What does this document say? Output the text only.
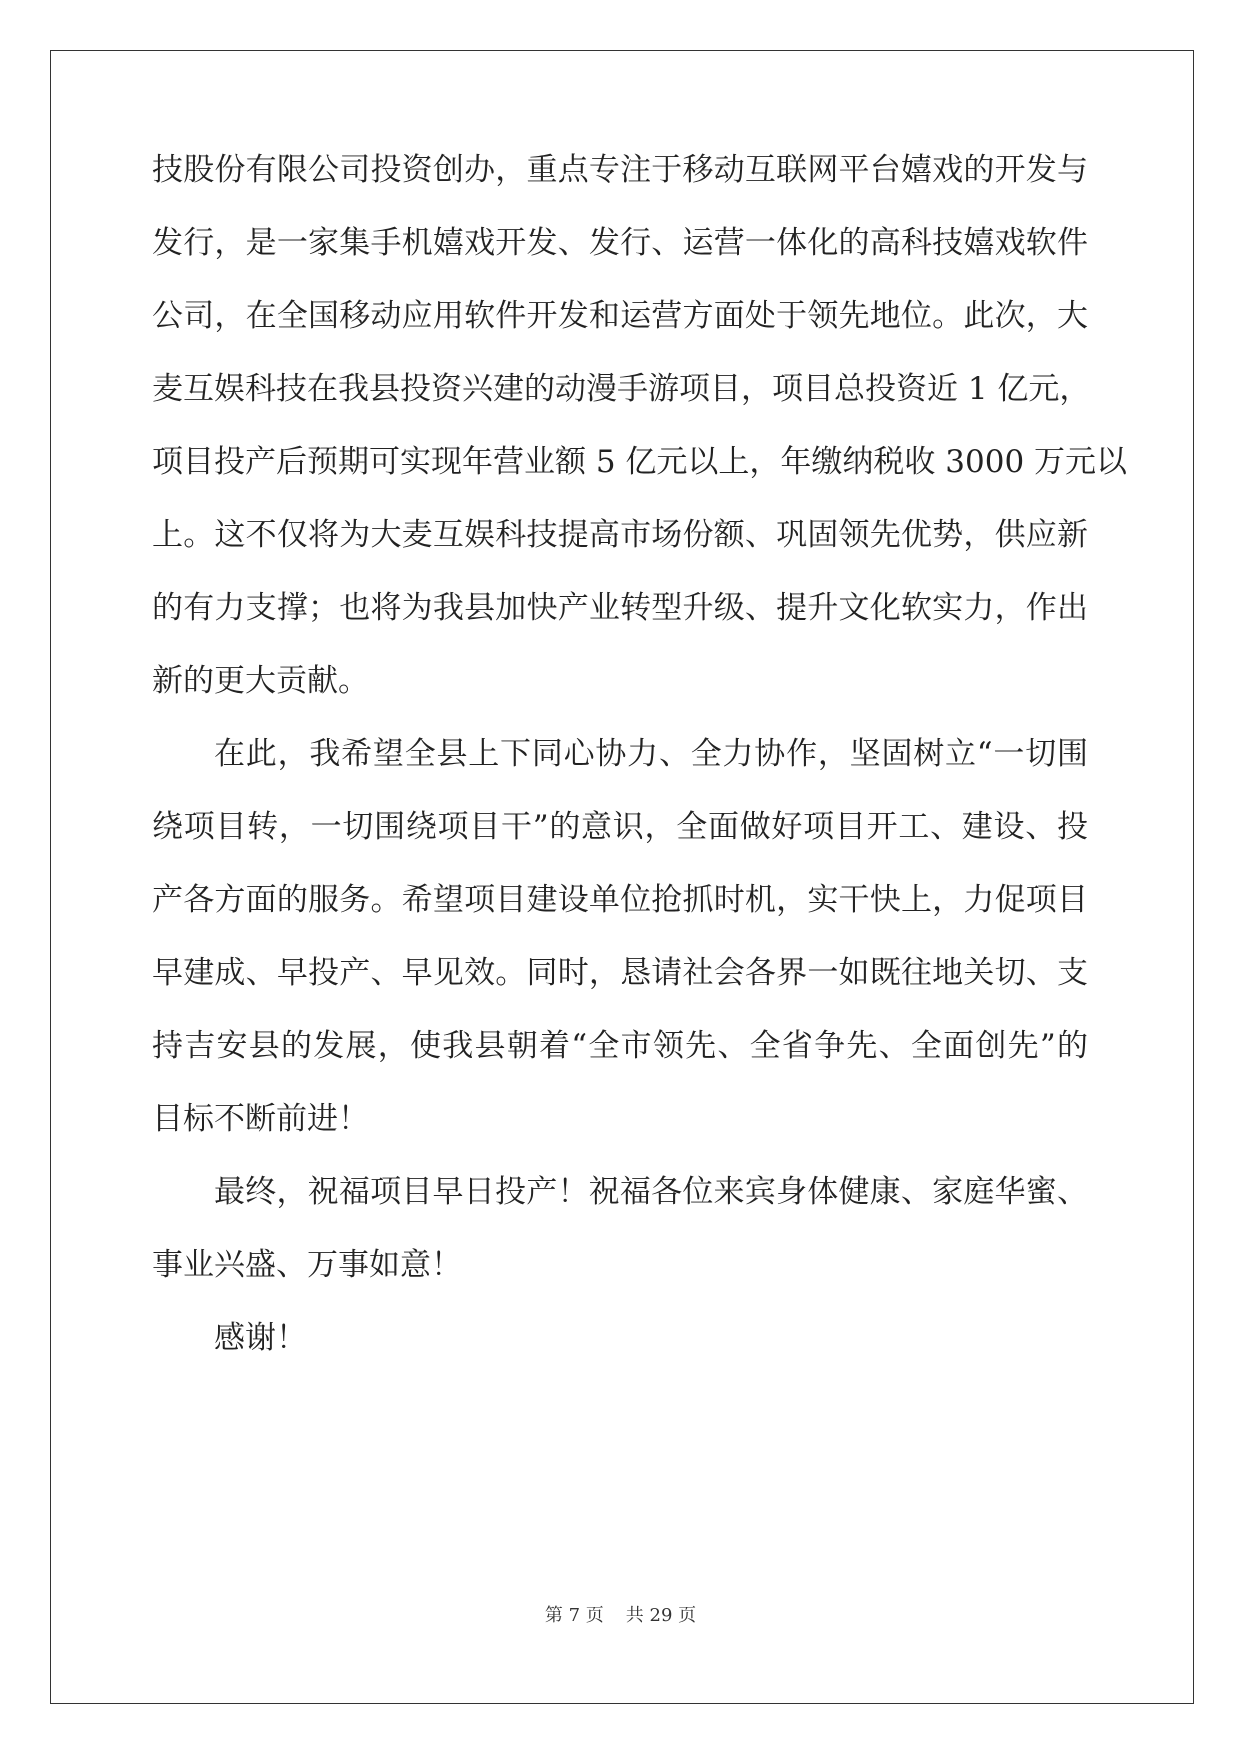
技股份有限公司投资创办，重点专注于移动互联网平台嬉戏的开发与
发行，是一家集手机嬉戏开发、发行、运营一体化的高科技嬉戏软件
公司，在全国移动应用软件开发和运营方面处于领先地位。此次，大
麦互娱科技在我县投资兴建的动漫手游项目，项目总投资近 1 亿元，
项目投产后预期可实现年营业额 5 亿元以上，年缴纳税收 3000 万元以
上。这不仅将为大麦互娱科技提高市场份额、巩固领先优势，供应新
的有力支撑；也将为我县加快产业转型升级、提升文化软实力，作出
新的更大贡献。
在此，我希望全县上下同心协力、全力协作，坚固树立“一切围
绕项目转，一切围绕项目干”的意识，全面做好项目开工、建设、投
产各方面的服务。希望项目建设单位抢抓时机，实干快上，力促项目
早建成、早投产、早见效。同时，恳请社会各界一如既往地关切、支
持吉安县的发展，使我县朝着“全市领先、全省争先、全面创先”的
目标不断前进！
最终，祝福项目早日投产！祝福各位来宾身体健康、家庭华蜜、
事业兴盛、万事如意！
感谢！
第 7 页 共 29 页
